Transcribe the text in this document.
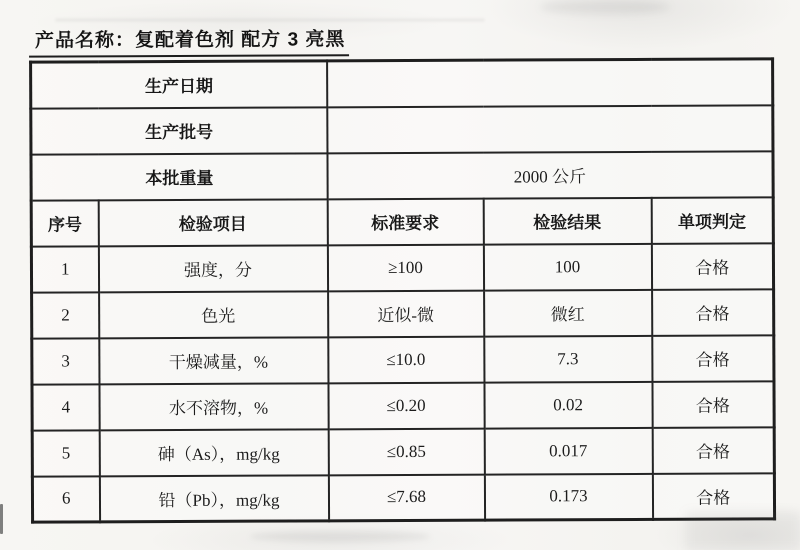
产品名称：复配着色剂 配方 3 亮黑
生产日期				
生产批号				
本批重量		2000 公斤		
序号	检验项目	标准要求	检验结果	单项判定
1	强度，分	≥100	100	合格
2	色光	近似-微	微红	合格
3	干燥减量，%	≤10.0	7.3	合格
4	水不溶物，%	≤0.20	0.02	合格
5	砷（As），mg/kg	≤0.85	0.017	合格
6	铅（Pb），mg/kg	≤7.68	0.173	合格
